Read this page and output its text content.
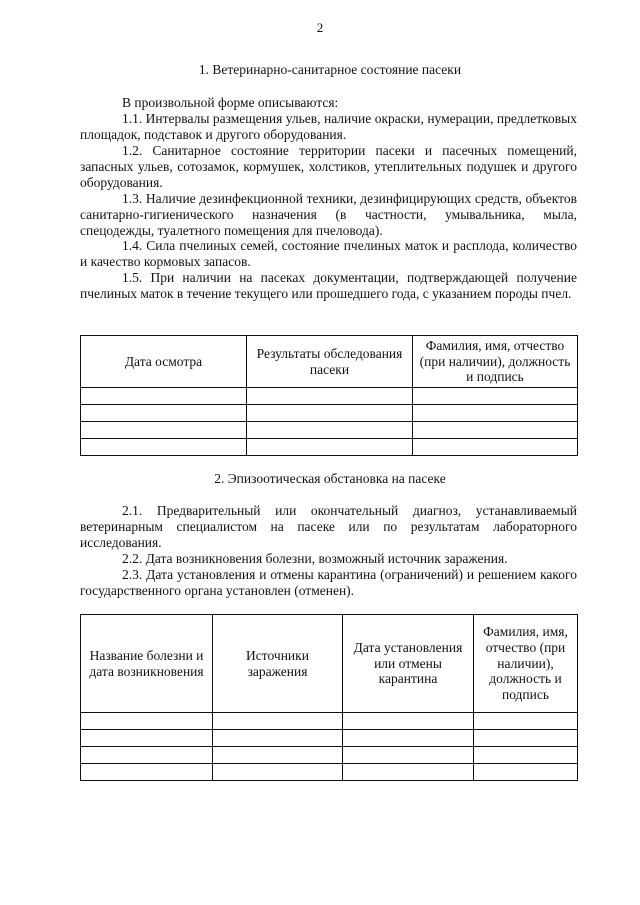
2
1. Ветеринарно-санитарное состояние пасеки
В произвольной форме описываются:
1.1. Интервалы размещения ульев, наличие окраски, нумерации, предлетковых площадок, подставок и другого оборудования.
1.2. Санитарное состояние территории пасеки и пасечных помещений, запасных ульев, сотозамок, кормушек, холстиков, утеплительных подушек и другого оборудования.
1.3. Наличие дезинфекционной техники, дезинфицирующих средств, объектов санитарно-гигиенического назначения (в частности, умывальника, мыла, спецодежды, туалетного помещения для пчеловода).
1.4. Сила пчелиных семей, состояние пчелиных маток и расплода, количество и качество кормовых запасов.
1.5. При наличии на пасеках документации, подтверждающей получение пчелиных маток в течение текущего или прошедшего года, с указанием породы пчел.
Дата осмотра	Результаты обследования пасеки	Фамилия, имя, отчество (при наличии), должность и подпись

2. Эпизоотическая обстановка на пасеке
2.1. Предварительный или окончательный диагноз, устанавливаемый ветеринарным специалистом на пасеке или по результатам лабораторного исследования.
2.2. Дата возникновения болезни, возможный источник заражения.
2.3. Дата установления и отмены карантина (ограничений) и решением какого государственного органа установлен (отменен).
Название болезни и дата возникновения	Источники заражения	Дата установления или отмены карантина	Фамилия, имя, отчество (при наличии), должность и подпись
